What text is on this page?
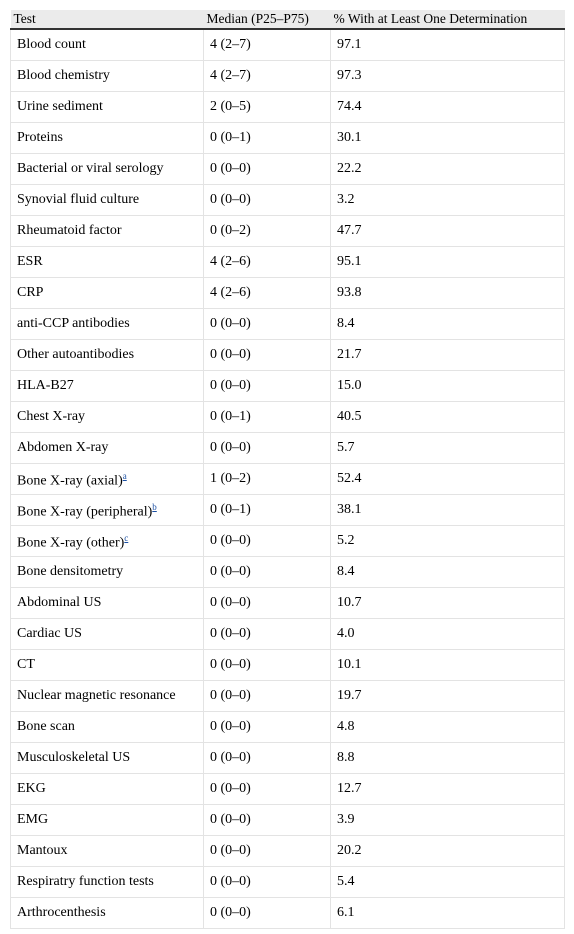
Test	Median (P25–P75)	% With at Least One Determination
Blood count	4 (2–7)	97.1
Blood chemistry	4 (2–7)	97.3
Urine sediment	2 (0–5)	74.4
Proteins	0 (0–1)	30.1
Bacterial or viral serology	0 (0–0)	22.2
Synovial fluid culture	0 (0–0)	3.2
Rheumatoid factor	0 (0–2)	47.7
ESR	4 (2–6)	95.1
CRP	4 (2–6)	93.8
anti-CCP antibodies	0 (0–0)	8.4
Other autoantibodies	0 (0–0)	21.7
HLA-B27	0 (0–0)	15.0
Chest X-ray	0 (0–1)	40.5
Abdomen X-ray	0 (0–0)	5.7
Bone X-ray (axial)$^a$	1 (0–2)	52.4
Bone X-ray (peripheral)$^b$	0 (0–1)	38.1
Bone X-ray (other)$^c$	0 (0–0)	5.2
Bone densitometry	0 (0–0)	8.4
Abdominal US	0 (0–0)	10.7
Cardiac US	0 (0–0)	4.0
CT	0 (0–0)	10.1
Nuclear magnetic resonance	0 (0–0)	19.7
Bone scan	0 (0–0)	4.8
Musculoskeletal US	0 (0–0)	8.8
EKG	0 (0–0)	12.7
EMG	0 (0–0)	3.9
Mantoux	0 (0–0)	20.2
Respiratry function tests	0 (0–0)	5.4
Arthrocenthesis	0 (0–0)	6.1
